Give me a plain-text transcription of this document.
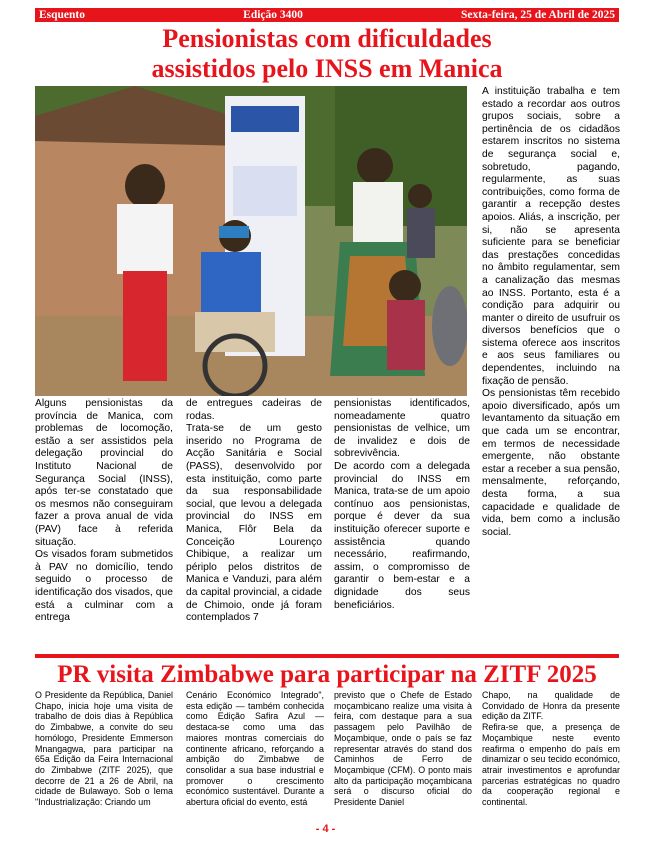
Esquento	Edição 3400	Sexta-feira, 25 de Abril de 2025
Pensionistas com dificuldades
assistidos pelo INSS em Manica

Alguns pensionistas da província de Manica, com problemas de locomoção, estão a ser assistidos pela delegação provincial do Instituto Nacional de Segurança Social (INSS), após ter-se constatado que os mesmos não conseguiram fazer a prova anual de vida (PAV) face à referida situação.

Os visados foram submetidos à PAV no domicílio, tendo seguido o processo de identificação dos visados, que está a culminar com a entrega

de entregues cadeiras de rodas.

Trata-se de um gesto inserido no Programa de Acção Sanitária e Social (PASS), desenvolvido por esta instituição, como parte da sua responsabilidade social, que levou a delegada provincial do INSS em Manica, Flôr Bela da Conceição Lourenço Chibique, a realizar um périplo pelos distritos de Manica e Vanduzi, para além da capital provincial, a cidade de Chimoio, onde já foram contemplados 7

pensionistas identificados, nomeadamente quatro pensionistas de velhice, um de invalidez e dois de sobrevivência.

De acordo com a delegada provincial do INSS em Manica, trata-se de um apoio contínuo aos pensionistas, porque é dever da sua instituição oferecer suporte e assistência quando necessário, reafirmando, assim, o compromisso de garantir o bem-estar e a dignidade dos seus beneficiários.

A instituição trabalha e tem estado a recordar aos outros grupos sociais, sobre a pertinência de os cidadãos estarem inscritos no sistema de segurança social e, sobretudo, pagando, regularmente, as suas contribuições, como forma de garantir a recepção destes apoios. Aliás, a inscrição, per si, não se apresenta suficiente para se beneficiar das prestações concedidas no âmbito regulamentar, sem a canalização das mesmas ao INSS. Portanto, esta é a condição para adquirir ou manter o direito de usufruir os diversos benefícios que o sistema oferece aos inscritos e aos seus familiares ou dependentes, incluindo na fixação de pensão.

Os pensionistas têm recebido apoio diversificado, após um levantamento da situação em que cada um se encontrar, em termos de necessidade emergente, não obstante estar a receber a sua pensão, mensalmente, reforçando, desta forma, a sua capacidade e qualidade de vida, bem como a inclusão social.

PR visita Zimbabwe para participar na ZITF 2025

O Presidente da República, Daniel Chapo, inicia hoje uma visita de trabalho de dois dias à República do Zimbabwe, a convite do seu homólogo, Presidente Emmerson Mnangagwa, para participar na 65a Edição da Feira Internacional do Zimbabwe (ZITF 2025), que decorre de 21 a 26 de Abril, na cidade de Bulawayo. Sob o lema "Industrialização: Criando um

Cenário Económico Integrado", esta edição — também conhecida como Edição Safira Azul — destaca-se como uma das maiores montras comerciais do continente africano, reforçando a ambição do Zimbabwe de consolidar a sua base industrial e promover o crescimento económico sustentável. Durante a abertura oficial do evento, está

previsto que o Chefe de Estado moçambicano realize uma visita à feira, com destaque para a sua passagem pelo Pavilhão de Moçambique, onde o país se faz representar através do stand dos Caminhos de Ferro de Moçambique (CFM). O ponto mais alto da participação moçambicana será o discurso oficial do Presidente Daniel

Chapo, na qualidade de Convidado de Honra da presente edição da ZITF.

Refira-se que, a presença de Moçambique neste evento reafirma o empenho do país em dinamizar o seu tecido económico, atrair investimentos e aprofundar parcerias estratégicas no quadro da cooperação regional e continental.

- 4 -
